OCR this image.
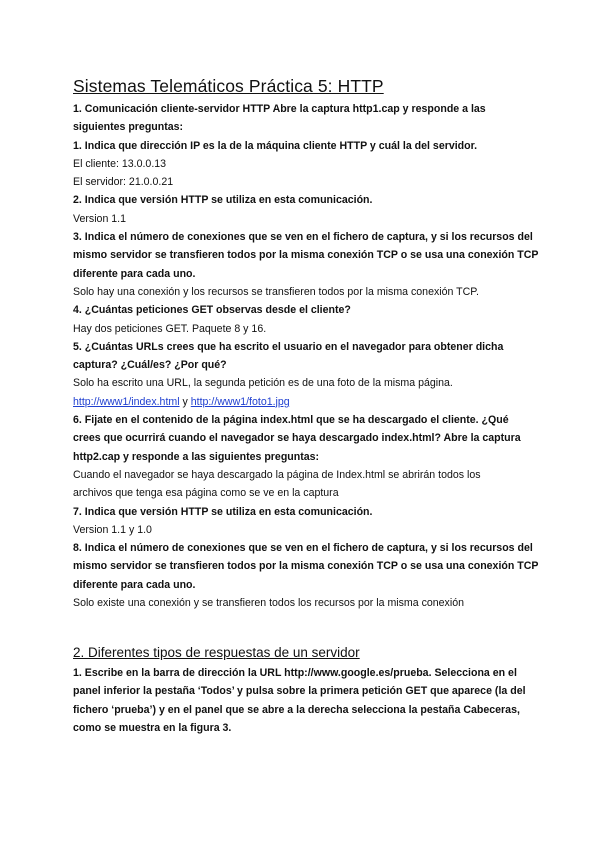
Sistemas Telemáticos Práctica 5: HTTP
1. Comunicación cliente-servidor HTTP Abre la captura http1.cap y responde a las
siguientes preguntas:
1. Indica que dirección IP es la de la máquina cliente HTTP y cuál la del servidor.
El cliente: 13.0.0.13
El servidor: 21.0.0.21
2. Indica que versión HTTP se utiliza en esta comunicación.
Version 1.1
3. Indica el número de conexiones que se ven en el fichero de captura, y si los recursos del
mismo servidor se transfieren todos por la misma conexión TCP o se usa una conexión TCP
diferente para cada uno.
Solo hay una conexión y los recursos se transfieren todos por la misma conexión TCP.
4. ¿Cuántas peticiones GET observas desde el cliente?
Hay dos peticiones GET. Paquete 8 y 16.
5. ¿Cuántas URLs crees que ha escrito el usuario en el navegador para obtener dicha
captura? ¿Cuál/es? ¿Por qué?
Solo ha escrito una URL, la segunda petición es de una foto de la misma página.
http://www1/index.html y http://www1/foto1.jpg
6. Fijate en el contenido de la página index.html que se ha descargado el cliente. ¿Qué
crees que ocurrirá cuando el navegador se haya descargado index.html? Abre la captura
http2.cap y responde a las siguientes preguntas:
Cuando el navegador se haya descargado la página de Index.html se abrirán todos los
archivos que tenga esa página como se ve en la captura
7. Indica que versión HTTP se utiliza en esta comunicación.
Version 1.1 y 1.0
8. Indica el número de conexiones que se ven en el fichero de captura, y si los recursos del
mismo servidor se transfieren todos por la misma conexión TCP o se usa una conexión TCP
diferente para cada uno.
Solo existe una conexión y se transfieren todos los recursos por la misma conexión
2. Diferentes tipos de respuestas de un servidor
1. Escribe en la barra de dirección la URL http://www.google.es/prueba. Selecciona en el
panel inferior la pestaña ‘Todos’ y pulsa sobre la primera petición GET que aparece (la del
fichero ‘prueba’) y en el panel que se abre a la derecha selecciona la pestaña Cabeceras,
como se muestra en la figura 3.
